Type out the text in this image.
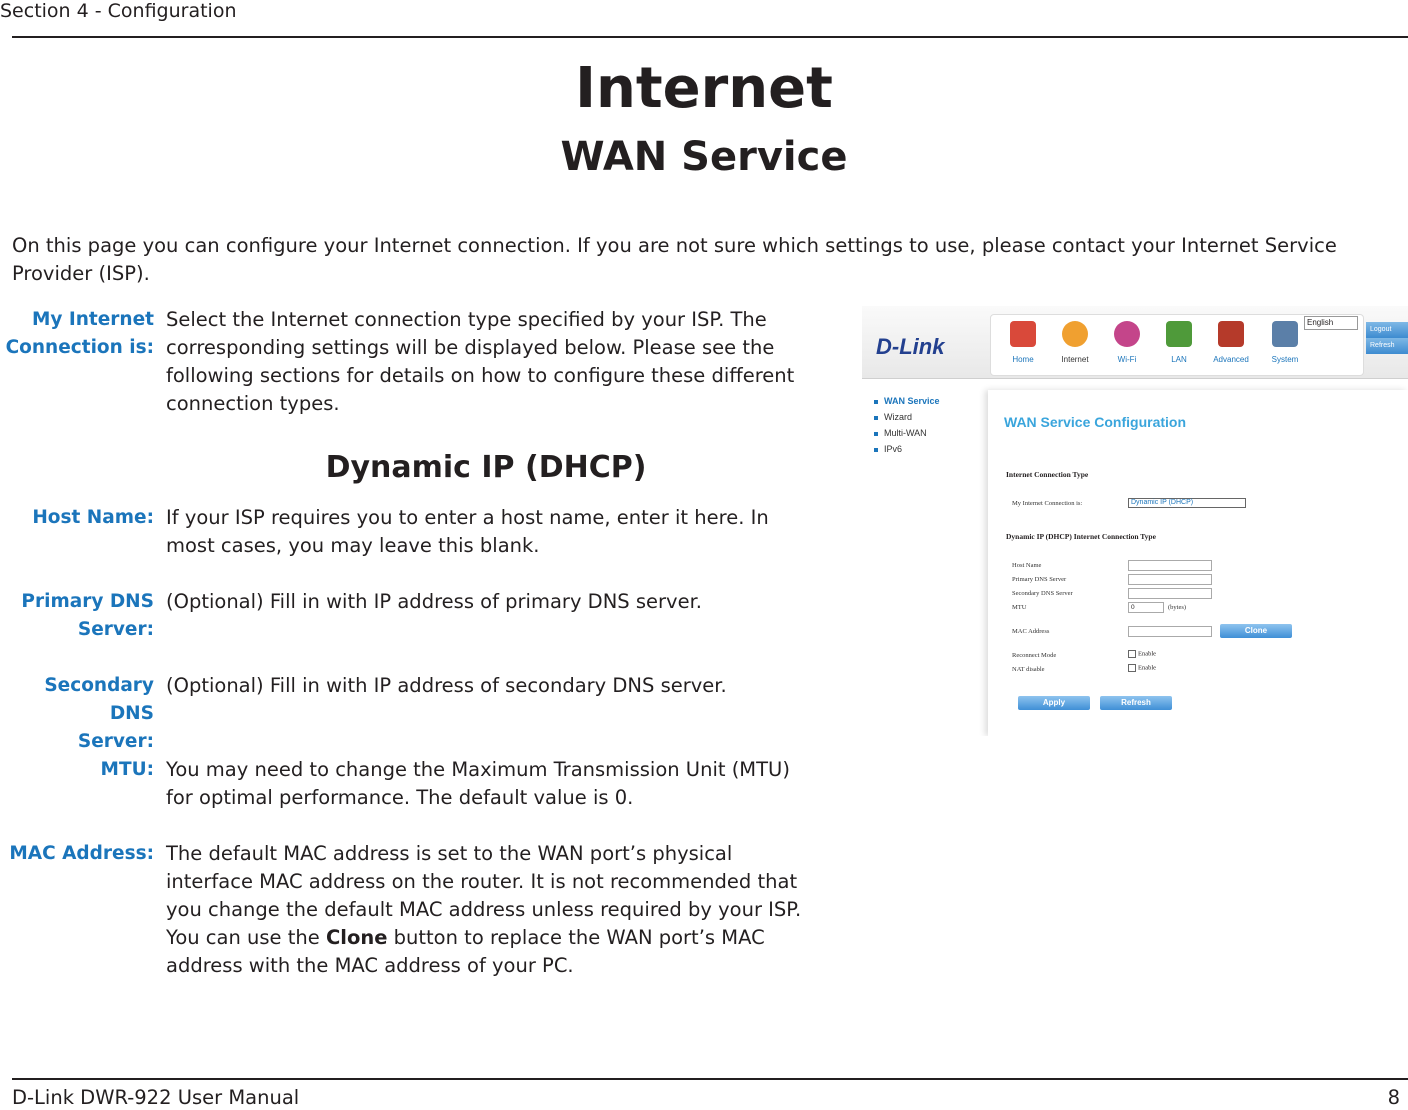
Section 4 - Configuration
Internet
WAN Service
On this page you can configure your Internet connection. If you are not sure which settings to use, please contact your Internet Service Provider (ISP).
My Internet
Connection is:
Select the Internet connection type specified by your ISP. The corresponding settings will be displayed below. Please see the following sections for details on how to configure these different connection types.
Dynamic IP (DHCP)
Host Name: If your ISP requires you to enter a host name, enter it here. In most cases, you may leave this blank.
Primary DNS
Server:
(Optional) Fill in with IP address of primary DNS server.
Secondary DNS
Server:
(Optional) Fill in with IP address of secondary DNS server.
MTU: You may need to change the Maximum Transmission Unit (MTU) for optimal performance. The default value is 0.
MAC Address: The default MAC address is set to the WAN port’s physical interface MAC address on the router. It is not recommended that you change the default MAC address unless required by your ISP. You can use the Clone button to replace the WAN port’s MAC address with the MAC address of your PC.
D-Link
Home	Internet	Wi-Fi	LAN	Advanced	System
English
Logout
Refresh
WAN Service
Wizard
Multi-WAN
IPv6
WAN Service Configuration
Internet Connection Type
My Internet Connection is:	Dynamic IP (DHCP)
Dynamic IP (DHCP) Internet Connection Type
Host Name
Primary DNS Server
Secondary DNS Server
MTU	0	(bytes)
MAC Address	Clone
Reconnect Mode	Enable
NAT disable	Enable
Apply	Refresh
D-Link DWR-922 User Manual	8
